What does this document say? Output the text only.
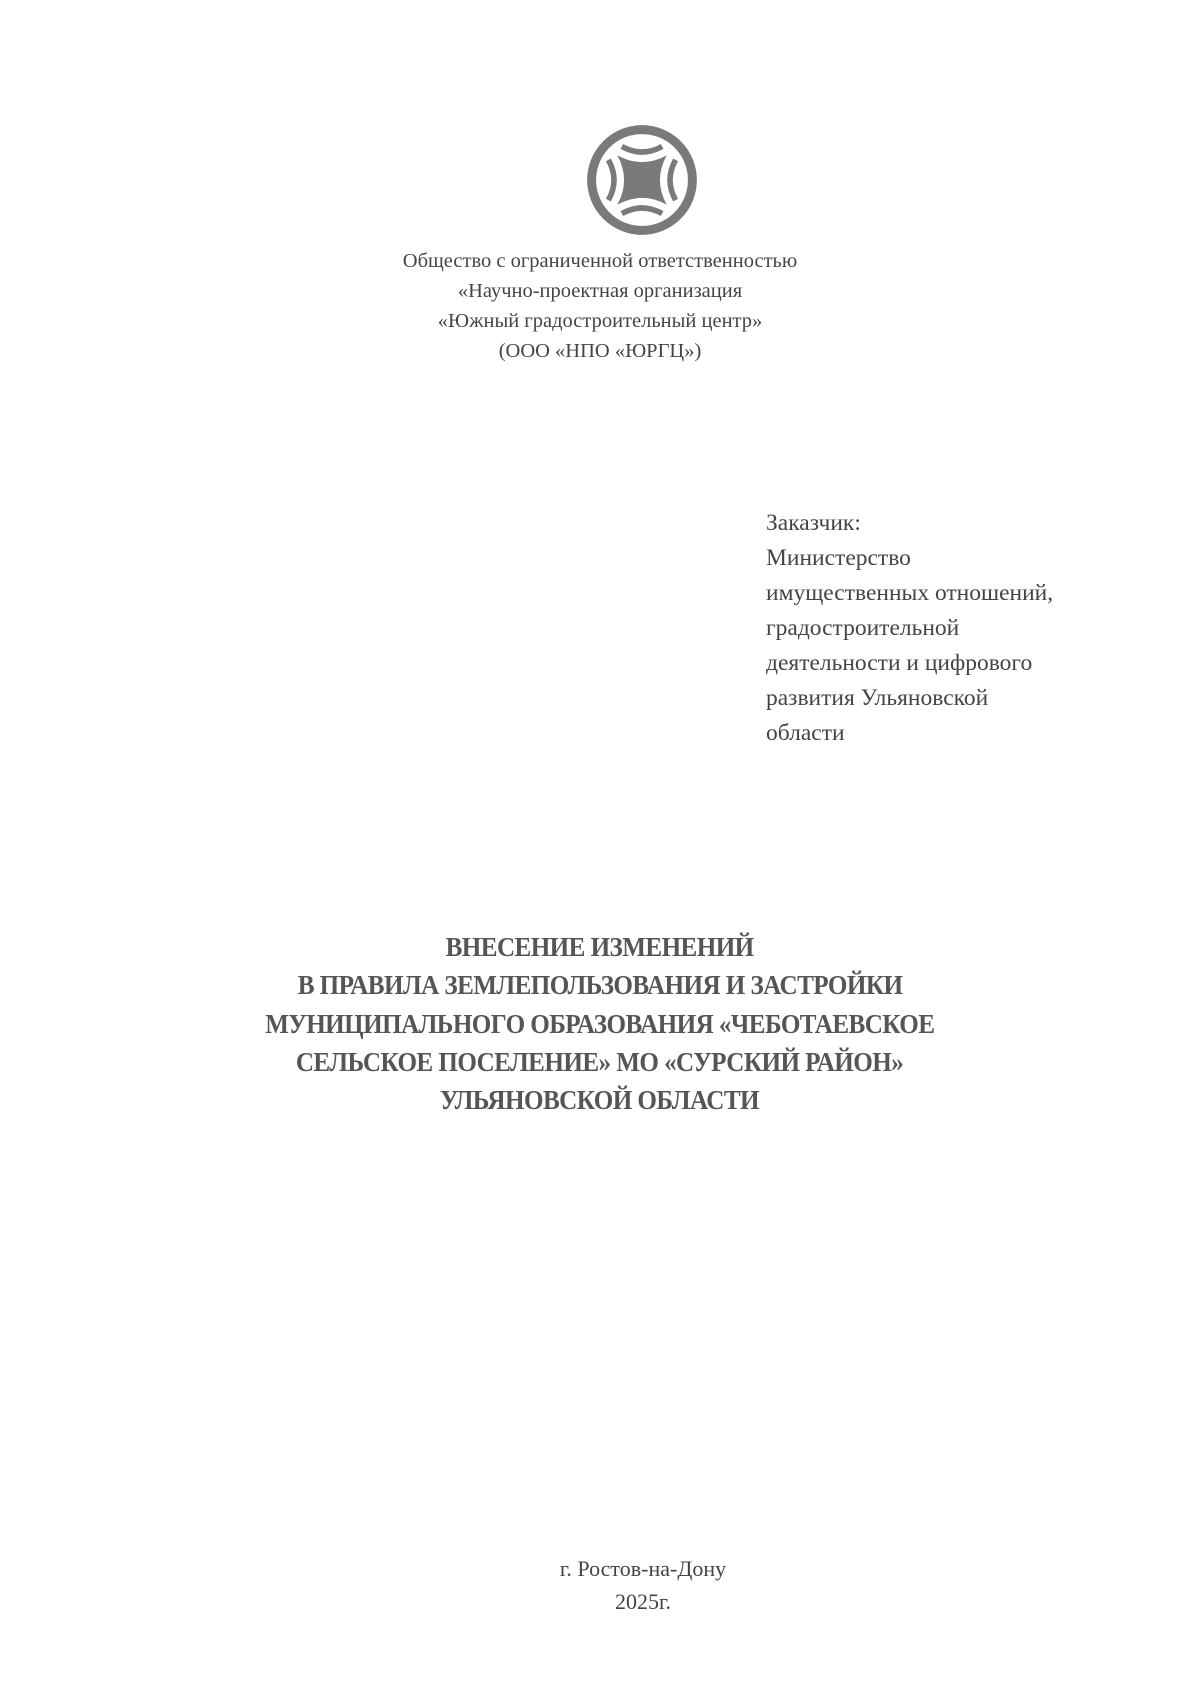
Общество с ограниченной ответственностью
«Научно-проектная организация
«Южный градостроительный центр»
(ООО «НПО «ЮРГЦ»)
Заказчик:
Министерство
имущественных отношений,
градостроительной
деятельности и цифрового
развития Ульяновской
области
ВНЕСЕНИЕ ИЗМЕНЕНИЙ
В ПРАВИЛА ЗЕМЛЕПОЛЬЗОВАНИЯ И ЗАСТРОЙКИ
МУНИЦИПАЛЬНОГО ОБРАЗОВАНИЯ «ЧЕБОТАЕВСКОЕ
СЕЛЬСКОЕ ПОСЕЛЕНИЕ» МО «СУРСКИЙ РАЙОН»
УЛЬЯНОВСКОЙ ОБЛАСТИ
г. Ростов-на-Дону
2025г.
